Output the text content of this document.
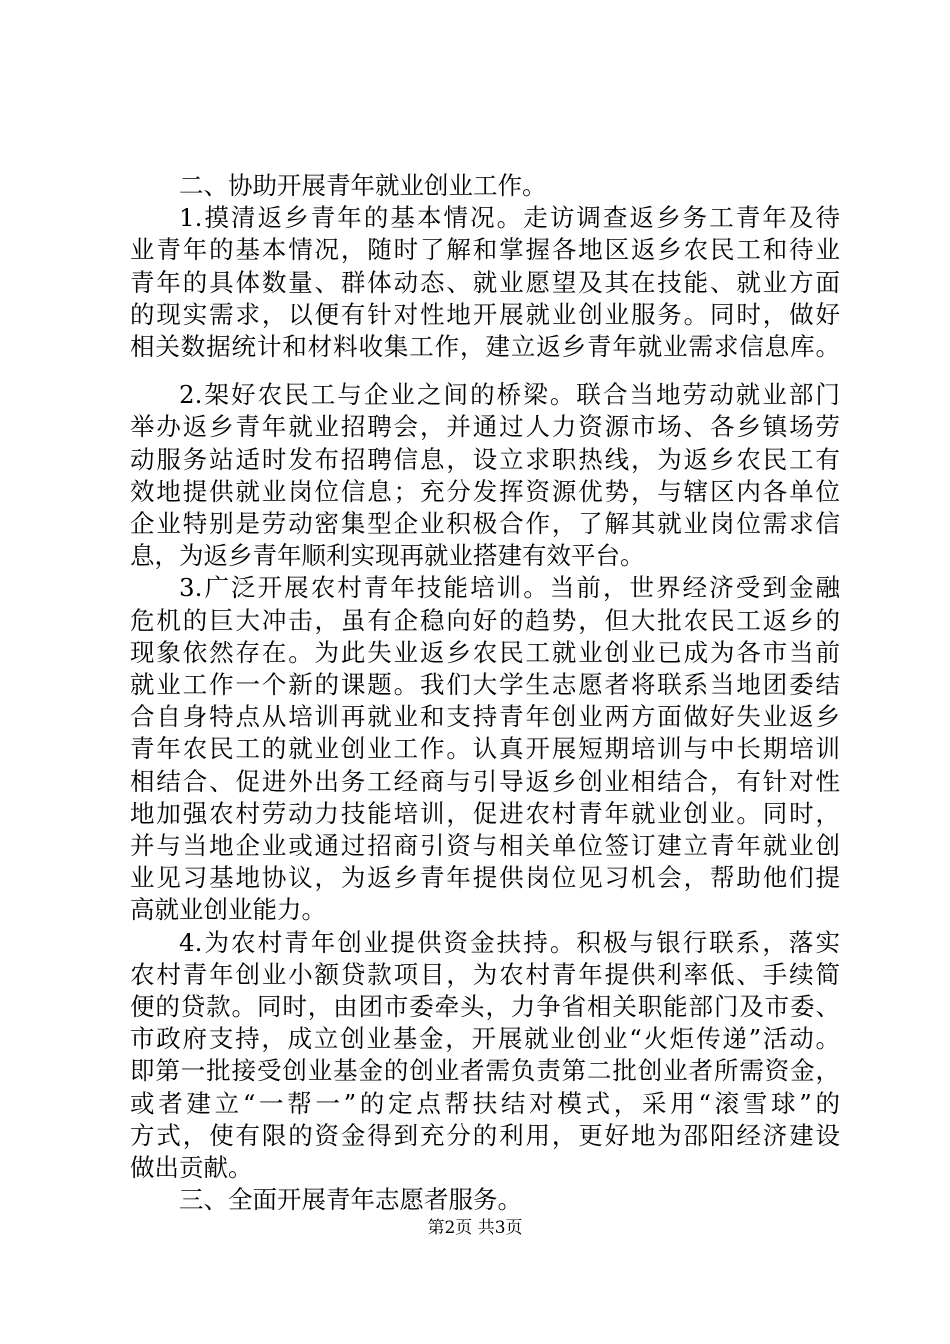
二、协助开展青年就业创业工作。
1.摸清返乡青年的基本情况。走访调查返乡务工青年及待
业青年的基本情况，随时了解和掌握各地区返乡农民工和待业
青年的具体数量、群体动态、就业愿望及其在技能、就业方面
的现实需求，以便有针对性地开展就业创业服务。同时，做好
相关数据统计和材料收集工作，建立返乡青年就业需求信息库。
2.架好农民工与企业之间的桥梁。联合当地劳动就业部门
举办返乡青年就业招聘会，并通过人力资源市场、各乡镇场劳
动服务站适时发布招聘信息，设立求职热线，为返乡农民工有
效地提供就业岗位信息；充分发挥资源优势，与辖区内各单位
企业特别是劳动密集型企业积极合作，了解其就业岗位需求信
息，为返乡青年顺利实现再就业搭建有效平台。
3.广泛开展农村青年技能培训。当前，世界经济受到金融
危机的巨大冲击，虽有企稳向好的趋势，但大批农民工返乡的
现象依然存在。为此失业返乡农民工就业创业已成为各市当前
就业工作一个新的课题。我们大学生志愿者将联系当地团委结
合自身特点从培训再就业和支持青年创业两方面做好失业返乡
青年农民工的就业创业工作。认真开展短期培训与中长期培训
相结合、促进外出务工经商与引导返乡创业相结合，有针对性
地加强农村劳动力技能培训，促进农村青年就业创业。同时，
并与当地企业或通过招商引资与相关单位签订建立青年就业创
业见习基地协议，为返乡青年提供岗位见习机会，帮助他们提
高就业创业能力。
4.为农村青年创业提供资金扶持。积极与银行联系，落实
农村青年创业小额贷款项目，为农村青年提供利率低、手续简
便的贷款。同时，由团市委牵头，力争省相关职能部门及市委、
市政府支持，成立创业基金，开展就业创业“火炬传递”活动。
即第一批接受创业基金的创业者需负责第二批创业者所需资金，
或者建立“一帮一”的定点帮扶结对模式，采用“滚雪球”的
方式，使有限的资金得到充分的利用，更好地为邵阳经济建设
做出贡献。
三、全面开展青年志愿者服务。
第2页 共3页
